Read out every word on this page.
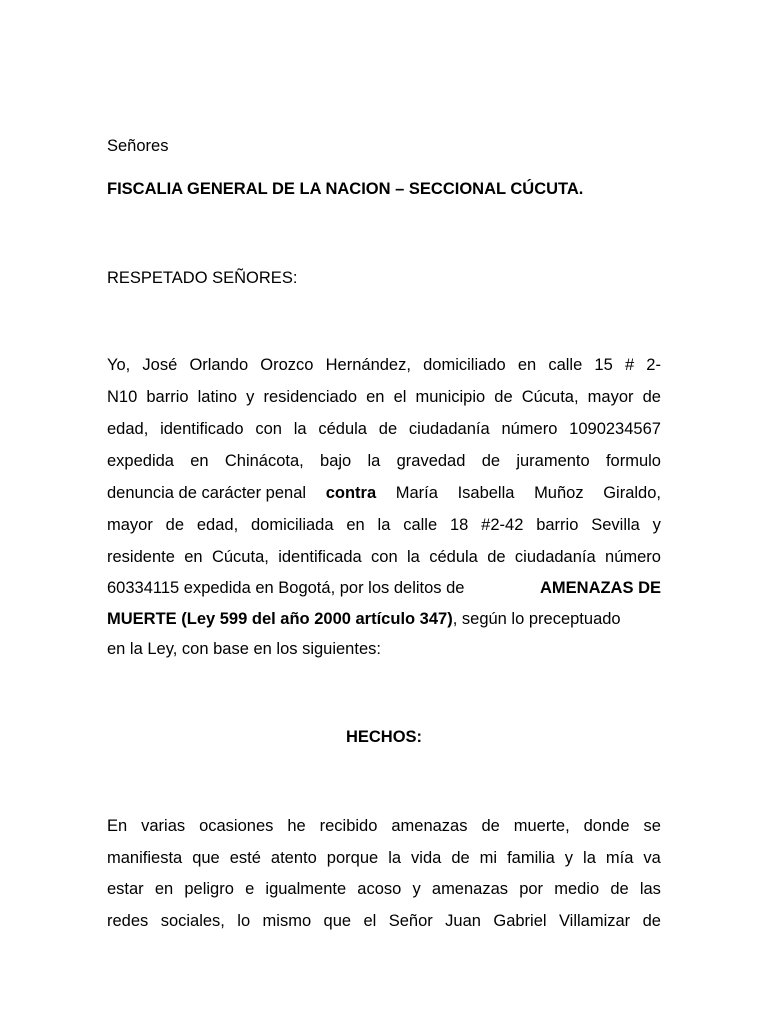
Señores
FISCALIA GENERAL DE LA NACION – SECCIONAL CÚCUTA.
RESPETADO SEÑORES:
Yo, José Orlando Orozco Hernández, domiciliado en calle 15 # 2-
N10 barrio latino y residenciado en el municipio de Cúcuta, mayor de
edad, identificado con la cédula de ciudadanía número 1090234567
expedida en Chinácota, bajo la gravedad de juramento formulo
denuncia de carácter penal contra María Isabella Muñoz Giraldo,
mayor de edad, domiciliada en la calle 18 #2-42 barrio Sevilla y
residente en Cúcuta, identificada con la cédula de ciudadanía número
60334115 expedida en Bogotá, por los delitos de	AMENAZAS DE
MUERTE (Ley 599 del año 2000 artículo 347), según lo preceptuado
en la Ley, con base en los siguientes:
HECHOS:
En varias ocasiones he recibido amenazas de muerte, donde se
manifiesta que esté atento porque la vida de mi familia y la mía va
estar en peligro e igualmente acoso y amenazas por medio de las
redes sociales, lo mismo que el Señor Juan Gabriel Villamizar de
